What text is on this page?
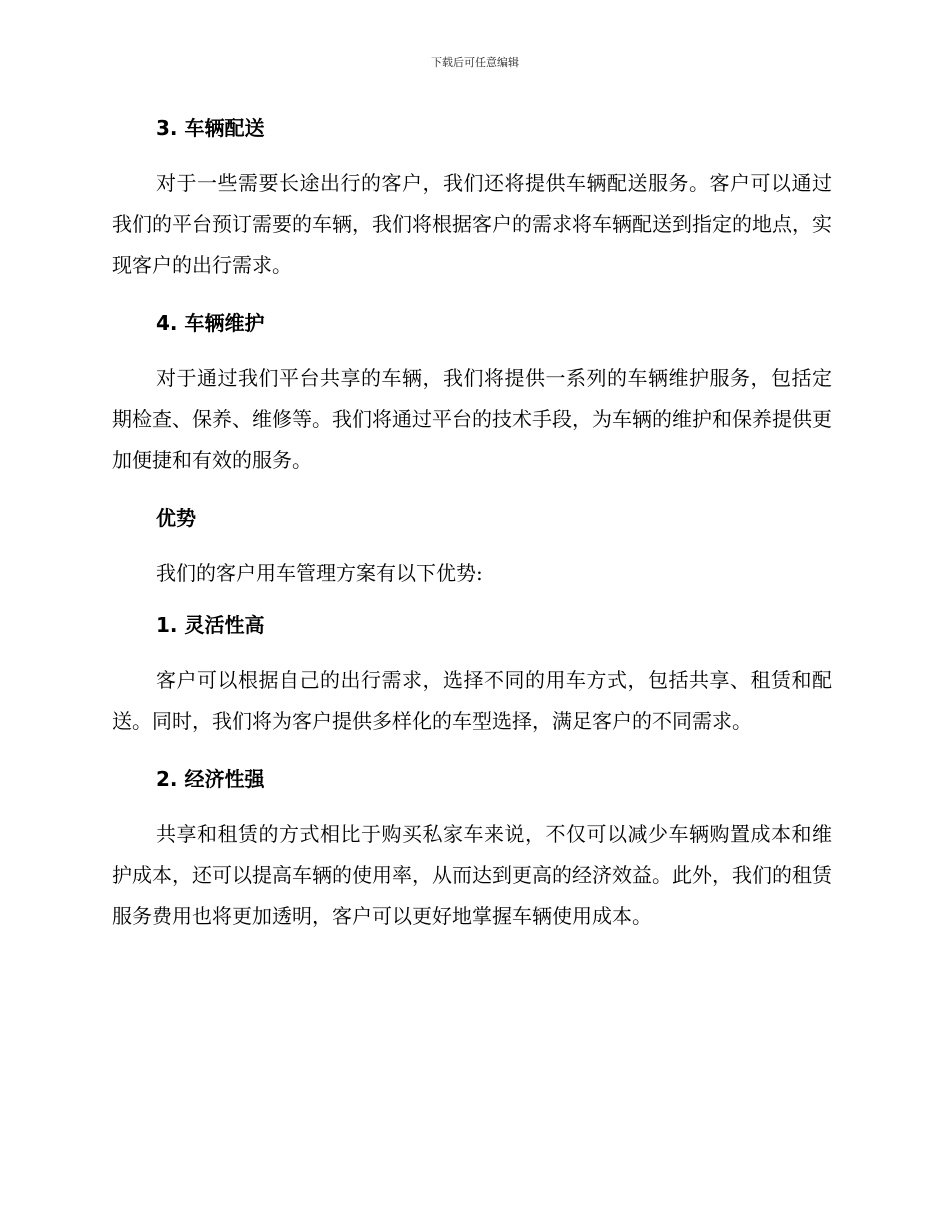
下载后可任意编辑
3. 车辆配送
对于一些需要长途出行的客户，我们还将提供车辆配送服务。客户可以通过我们的平台预订需要的车辆，我们将根据客户的需求将车辆配送到指定的地点，实现客户的出行需求。
4. 车辆维护
对于通过我们平台共享的车辆，我们将提供一系列的车辆维护服务，包括定期检查、保养、维修等。我们将通过平台的技术手段，为车辆的维护和保养提供更加便捷和有效的服务。
优势
我们的客户用车管理方案有以下优势:
1. 灵活性高
客户可以根据自己的出行需求，选择不同的用车方式，包括共享、租赁和配送。同时，我们将为客户提供多样化的车型选择，满足客户的不同需求。
2. 经济性强
共享和租赁的方式相比于购买私家车来说，不仅可以减少车辆购置成本和维护成本，还可以提高车辆的使用率，从而达到更高的经济效益。此外，我们的租赁服务费用也将更加透明，客户可以更好地掌握车辆使用成本。
